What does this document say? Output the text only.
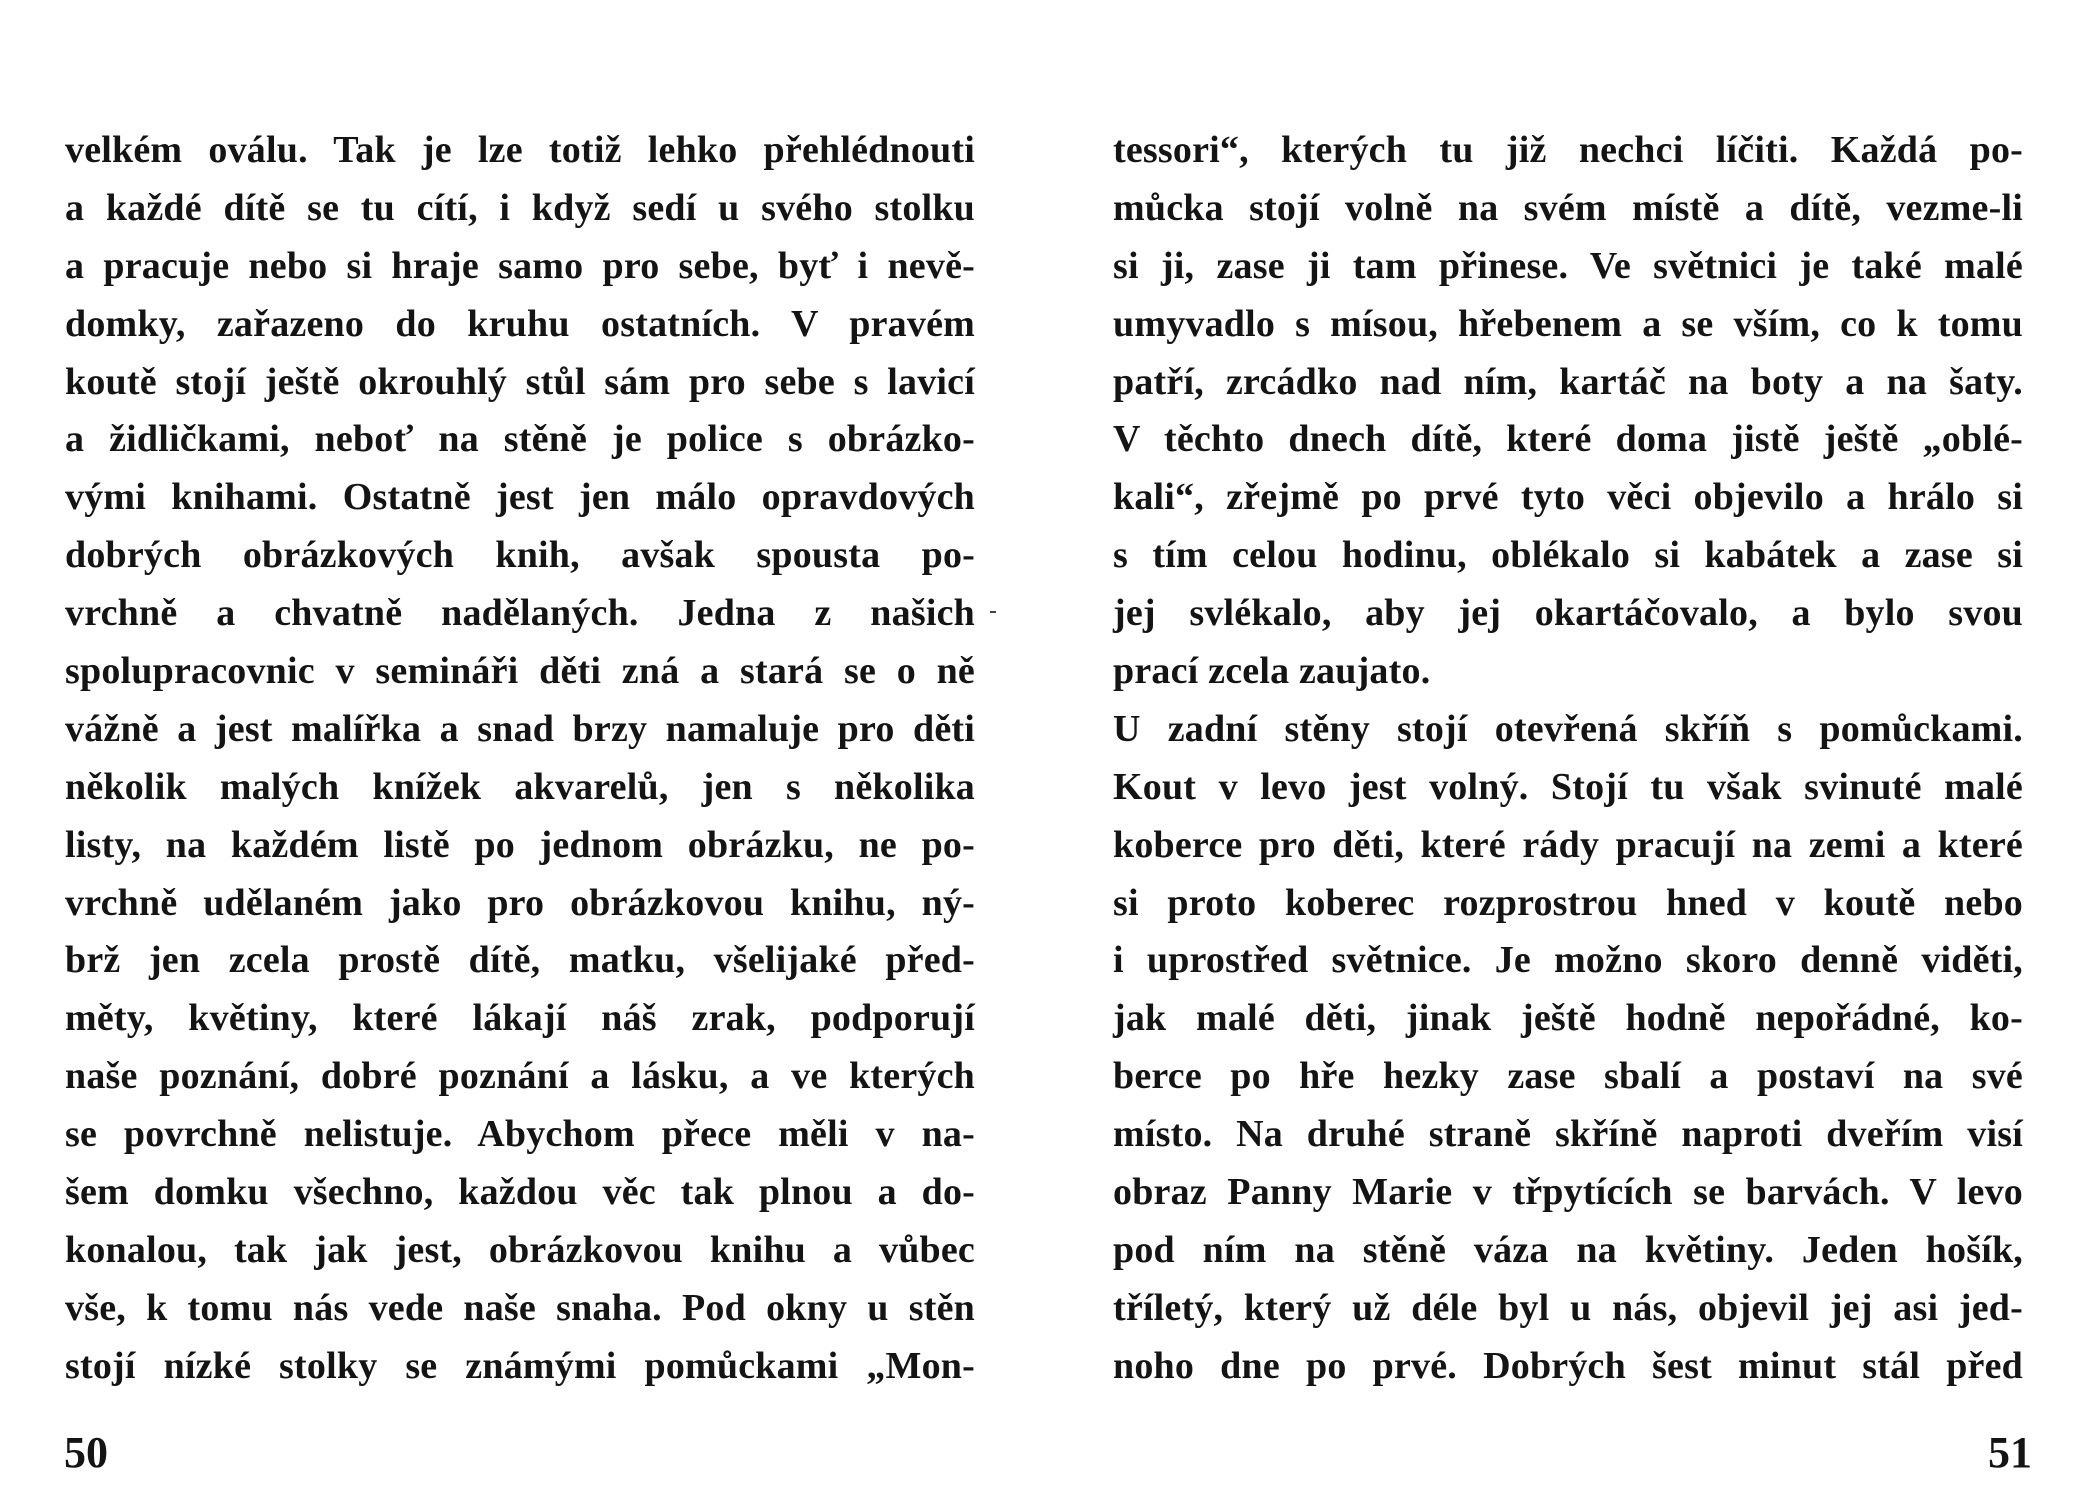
velkém oválu. Tak je lze totiž lehko přehlédnouti
a každé dítě se tu cítí, i když sedí u svého stolku
a pracuje nebo si hraje samo pro sebe, byť i nevě-
domky, zařazeno do kruhu ostatních. V pravém
koutě stojí ještě okrouhlý stůl sám pro sebe s lavicí
a židličkami, neboť na stěně je police s obrázko-
vými knihami. Ostatně jest jen málo opravdových
dobrých obrázkových knih, avšak spousta po-
vrchně a chvatně nadělaných. Jedna z našich
spolupracovnic v semináři děti zná a stará se o ně
vážně a jest malířka a snad brzy namaluje pro děti
několik malých knížek akvarelů, jen s několika
listy, na každém listě po jednom obrázku, ne po-
vrchně udělaném jako pro obrázkovou knihu, ný-
brž jen zcela prostě dítě, matku, všelijaké před-
měty, květiny, které lákají náš zrak, podporují
naše poznání, dobré poznání a lásku, a ve kterých
se povrchně nelistuje. Abychom přece měli v na-
šem domku všechno, každou věc tak plnou a do-
konalou, tak jak jest, obrázkovou knihu a vůbec
vše, k tomu nás vede naše snaha. Pod okny u stěn
stojí nízké stolky se známými pomůckami „Mon-
50
tessori“, kterých tu již nechci líčiti. Každá po-
můcka stojí volně na svém místě a dítě, vezme-li
si ji, zase ji tam přinese. Ve světnici je také malé
umyvadlo s mísou, hřebenem a se vším, co k tomu
patří, zrcádko nad ním, kartáč na boty a na šaty.
V těchto dnech dítě, které doma jistě ještě „oblé-
kali“, zřejmě po prvé tyto věci objevilo a hrálo si
s tím celou hodinu, oblékalo si kabátek a zase si
jej svlékalo, aby jej okartáčovalo, a bylo svou
prací zcela zaujato.
U zadní stěny stojí otevřená skříň s pomůckami.
Kout v levo jest volný. Stojí tu však svinuté malé
koberce pro děti, které rády pracují na zemi a které
si proto koberec rozprostrou hned v koutě nebo
i uprostřed světnice. Je možno skoro denně viděti,
jak malé děti, jinak ještě hodně nepořádné, ko-
berce po hře hezky zase sbalí a postaví na své
místo. Na druhé straně skříně naproti dveřím visí
obraz Panny Marie v třpytících se barvách. V levo
pod ním na stěně váza na květiny. Jeden hošík,
tříletý, který už déle byl u nás, objevil jej asi jed-
noho dne po prvé. Dobrých šest minut stál před
51
